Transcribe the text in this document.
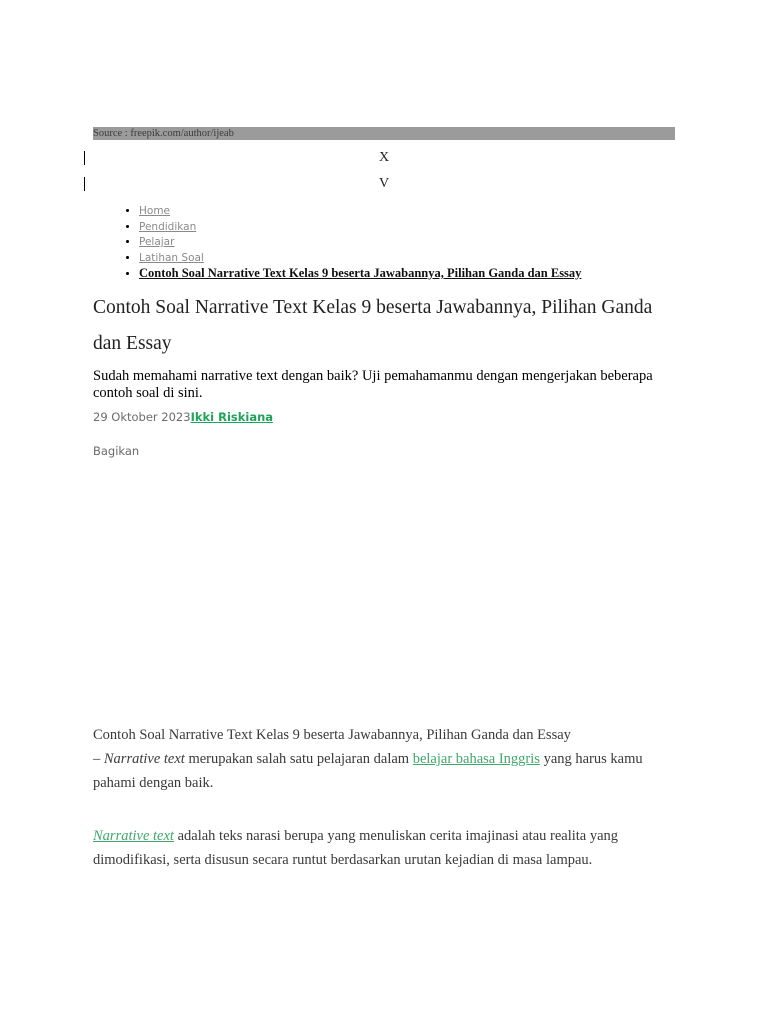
Source : freepik.com/author/ijeab
X
V
• Home
• Pendidikan
• Pelajar
• Latihan Soal
• Contoh Soal Narrative Text Kelas 9 beserta Jawabannya, Pilihan Ganda dan Essay
Contoh Soal Narrative Text Kelas 9 beserta Jawabannya, Pilihan Ganda dan Essay

Sudah memahami narrative text dengan baik? Uji pemahamanmu dengan mengerjakan beberapa contoh soal di sini.

29 Oktober 2023Ikki Riskiana
Bagikan

Contoh Soal Narrative Text Kelas 9 beserta Jawabannya, Pilihan Ganda dan Essay
– Narrative text merupakan salah satu pelajaran dalam belajar bahasa Inggris yang harus kamu pahami dengan baik.

Narrative text adalah teks narasi berupa yang menuliskan cerita imajinasi atau realita yang dimodifikasi, serta disusun secara runtut berdasarkan urutan kejadian di masa lampau.
